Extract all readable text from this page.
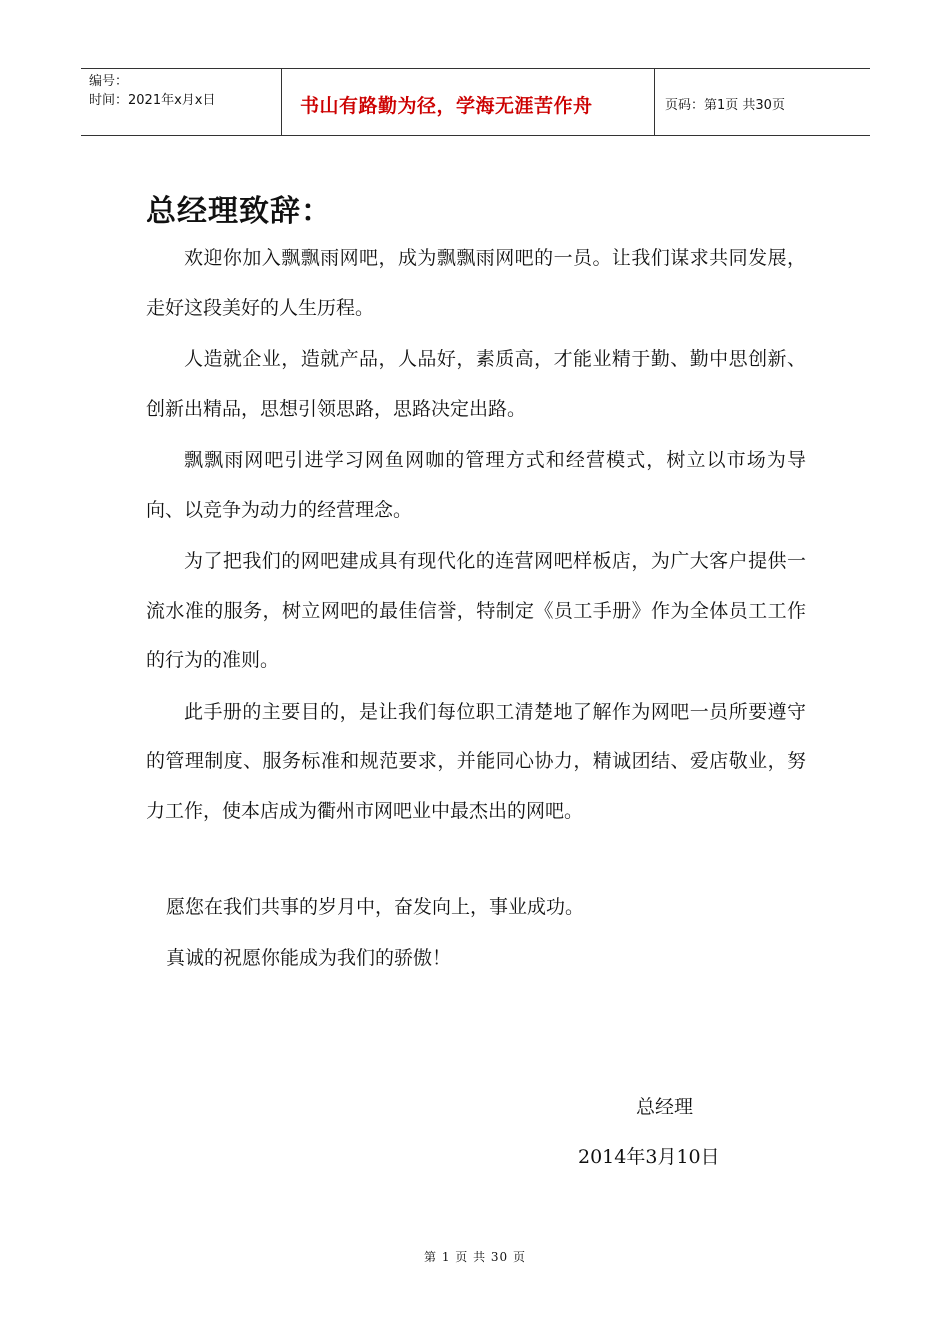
编号：
时间：2021年x月x日	书山有路勤为径，学海无涯苦作舟	页码：第1页 共30页
总经理致辞：

欢迎你加入飘飘雨网吧，成为飘飘雨网吧的一员。让我们谋求共同发展，走好这段美好的人生历程。

人造就企业，造就产品，人品好，素质高，才能业精于勤、勤中思创新、创新出精品，思想引领思路，思路决定出路。

飘飘雨网吧引进学习网鱼网咖的管理方式和经营模式，树立以市场为导向、以竞争为动力的经营理念。

为了把我们的网吧建成具有现代化的连营网吧样板店，为广大客户提供一流水准的服务，树立网吧的最佳信誉，特制定《员工手册》作为全体员工工作的行为的准则。

此手册的主要目的，是让我们每位职工清楚地了解作为网吧一员所要遵守的管理制度、服务标准和规范要求，并能同心协力，精诚团结、爱店敬业，努力工作，使本店成为衢州市网吧业中最杰出的网吧。

愿您在我们共事的岁月中，奋发向上，事业成功。

真诚的祝愿你能成为我们的骄傲！

总经理

2014年3月10日

第 1 页 共 30 页
